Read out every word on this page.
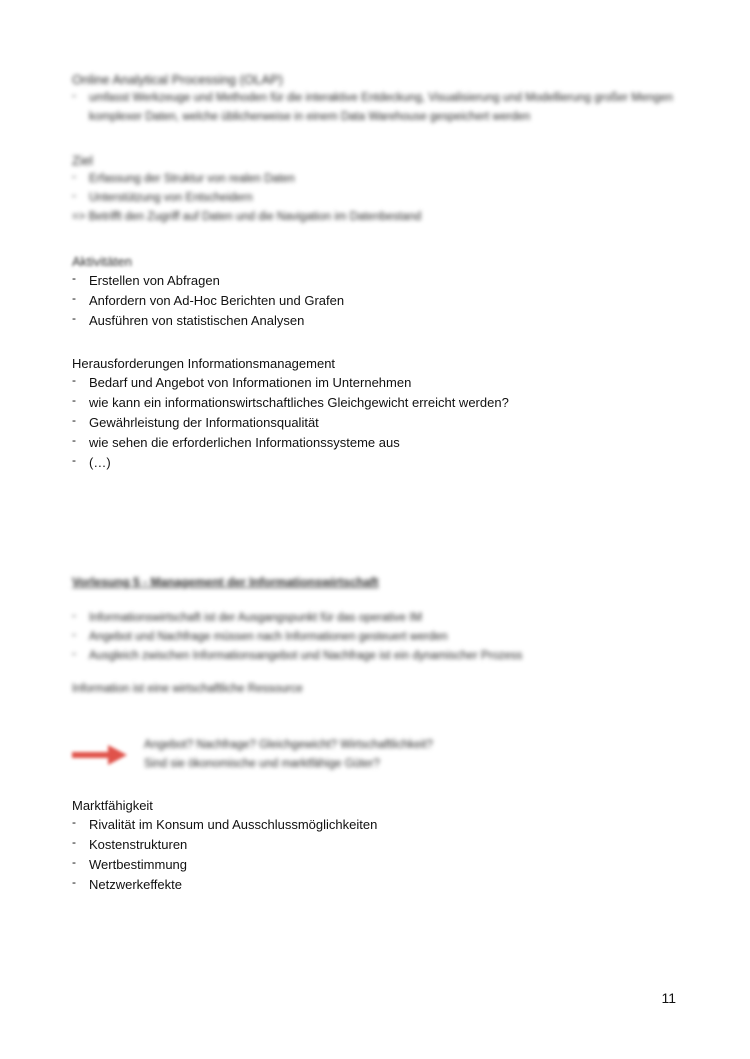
Online Analytical Processing (OLAP)

- umfasst Werkzeuge und Methoden für die interaktive Entdeckung, Visualisierung und Modellierung großer Mengen komplexer Daten, welche üblicherweise in einem Data Warehouse gespeichert werden

Ziel

- Erfassung der Struktur von realen Daten
- Unterstützung von Entscheidern

=> Betrifft den Zugriff auf Daten und die Navigation im Datenbestand

Aktivitäten

- Erstellen von Abfragen
- Anfordern von Ad-Hoc Berichten und Grafen
- Ausführen von statistischen Analysen

Herausforderungen Informationsmanagement

- Bedarf und Angebot von Informationen im Unternehmen
- wie kann ein informationswirtschaftliches Gleichgewicht erreicht werden?
- Gewährleistung der Informationsqualität
- wie sehen die erforderlichen Informationssysteme aus
- (…)

Vorlesung 5 - Management der Informationswirtschaft

- Informationswirtschaft ist der Ausgangspunkt für das operative IM
- Angebot und Nachfrage müssen nach Informationen gesteuert werden
- Ausgleich zwischen Informationsangebot und Nachfrage ist ein dynamischer Prozess

Information ist eine wirtschaftliche Ressource

Angebot? Nachfrage? Gleichgewicht? Wirtschaftlichkeit?
Sind sie ökonomische und marktfähige Güter?

Marktfähigkeit

- Rivalität im Konsum und Ausschlussmöglichkeiten
- Kostenstrukturen
- Wertbestimmung
- Netzwerkeffekte
11
